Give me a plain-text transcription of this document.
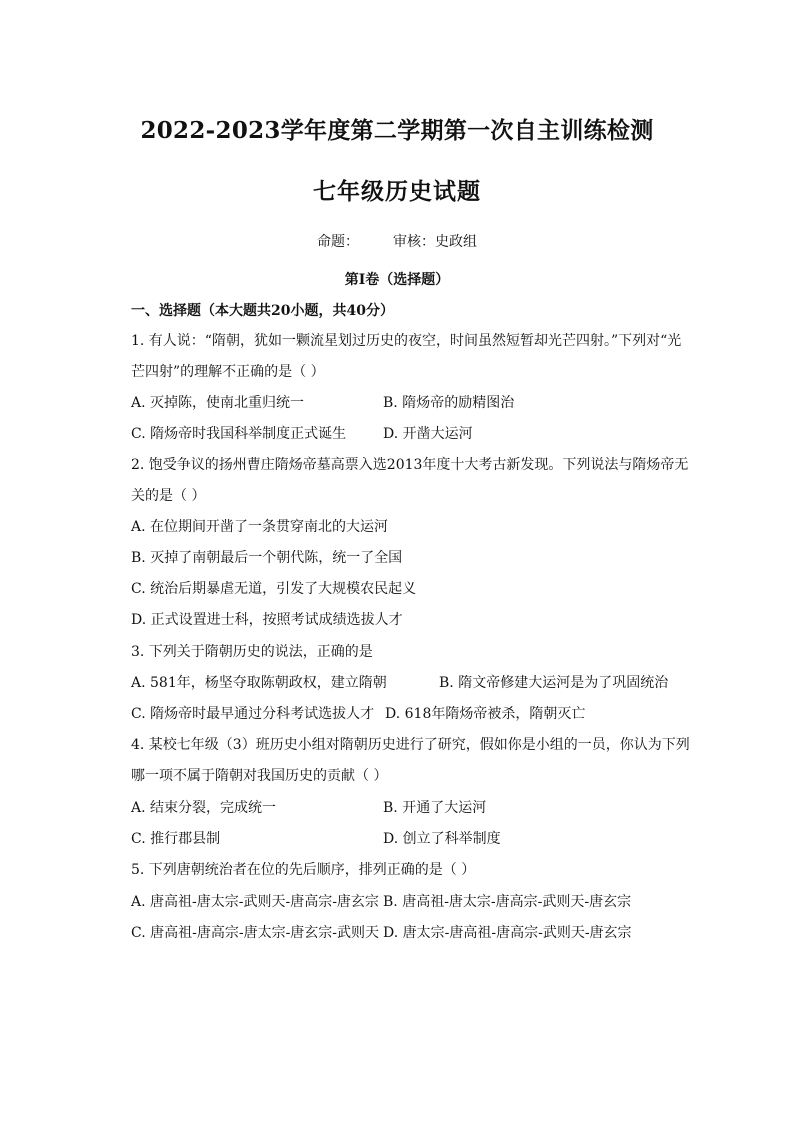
2022-2023学年度第二学期第一次自主训练检测
七年级历史试题
命题： 审核：史政组
第Ⅰ卷（选择题）
一、选择题（本大题共20小题，共40分）
1. 有人说：“隋朝，犹如一颗流星划过历史的夜空，时间虽然短暂却光芒四射。”下列对“光
芒四射”的理解不正确的是（ ）
A. 灭掉陈，使南北重归统一	B. 隋炀帝的励精图治
C. 隋炀帝时我国科举制度正式诞生	D. 开凿大运河
2. 饱受争议的扬州曹庄隋炀帝墓高票入选2013年度十大考古新发现。下列说法与隋炀帝无
关的是（ ）
A. 在位期间开凿了一条贯穿南北的大运河
B. 灭掉了南朝最后一个朝代陈，统一了全国
C. 统治后期暴虐无道，引发了大规模农民起义
D. 正式设置进士科，按照考试成绩选拔人才
3. 下列关于隋朝历史的说法，正确的是
A. 581年，杨坚夺取陈朝政权，建立隋朝	B. 隋文帝修建大运河是为了巩固统治
C. 隋炀帝时最早通过分科考试选拔人才 D. 618年隋炀帝被杀，隋朝灭亡
4. 某校七年级（3）班历史小组对隋朝历史进行了研究，假如你是小组的一员，你认为下列
哪一项不属于隋朝对我国历史的贡献（ ）
A. 结束分裂，完成统一	B. 开通了大运河
C. 推行郡县制	D. 创立了科举制度
5. 下列唐朝统治者在位的先后顺序，排列正确的是（ ）
A. 唐高祖-唐太宗-武则天-唐高宗-唐玄宗 B. 唐高祖-唐太宗-唐高宗-武则天-唐玄宗
C. 唐高祖-唐高宗-唐太宗-唐玄宗-武则天 D. 唐太宗-唐高祖-唐高宗-武则天-唐玄宗
